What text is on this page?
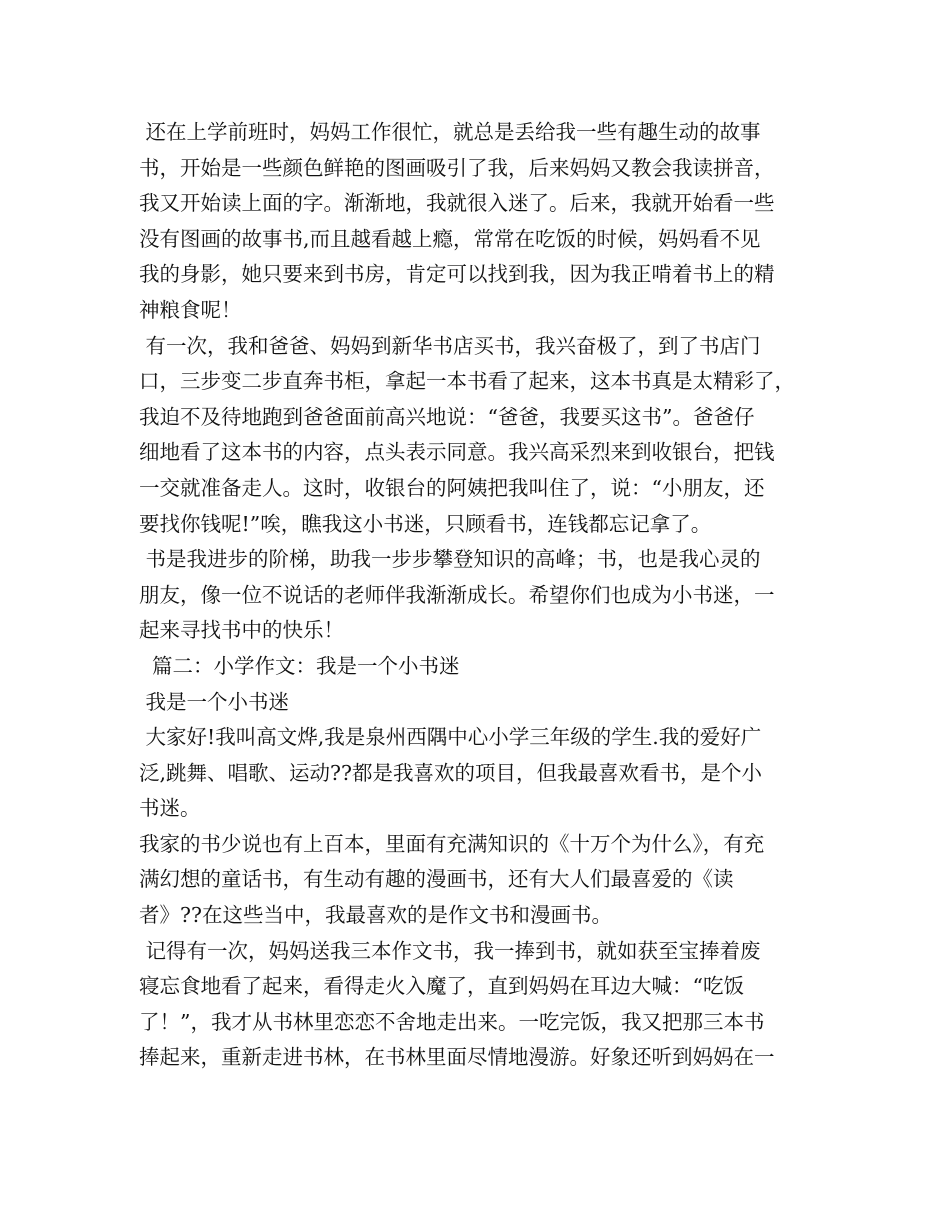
还在上学前班时，妈妈工作很忙，就总是丢给我一些有趣生动的故事
书，开始是一些颜色鲜艳的图画吸引了我，后来妈妈又教会我读拼音，
我又开始读上面的字。渐渐地，我就很入迷了。后来，我就开始看一些
没有图画的故事书,而且越看越上瘾，常常在吃饭的时候，妈妈看不见
我的身影，她只要来到书房，肯定可以找到我，因为我正啃着书上的精
神粮食呢！
有一次，我和爸爸、妈妈到新华书店买书，我兴奋极了，到了书店门
口，三步变二步直奔书柜，拿起一本书看了起来，这本书真是太精彩了，
我迫不及待地跑到爸爸面前高兴地说：“爸爸，我要买这书”。爸爸仔
细地看了这本书的内容，点头表示同意。我兴高采烈来到收银台，把钱
一交就准备走人。这时，收银台的阿姨把我叫住了，说：“小朋友，还
要找你钱呢!”唉，瞧我这小书迷，只顾看书，连钱都忘记拿了。
书是我进步的阶梯，助我一步步攀登知识的高峰；书，也是我心灵的
朋友，像一位不说话的老师伴我渐渐成长。希望你们也成为小书迷，一
起来寻找书中的快乐！
篇二：小学作文：我是一个小书迷
我是一个小书迷
大家好!我叫高文烨,我是泉州西隅中心小学三年级的学生.我的爱好广
泛,跳舞、唱歌、运动??都是我喜欢的项目，但我最喜欢看书，是个小
书迷。
我家的书少说也有上百本，里面有充满知识的《十万个为什么》，有充
满幻想的童话书，有生动有趣的漫画书，还有大人们最喜爱的《读
者》??在这些当中，我最喜欢的是作文书和漫画书。
记得有一次，妈妈送我三本作文书，我一捧到书，就如获至宝捧着废
寝忘食地看了起来，看得走火入魔了，直到妈妈在耳边大喊：“吃饭
了！”，我才从书林里恋恋不舍地走出来。一吃完饭，我又把那三本书
捧起来，重新走进书林，在书林里面尽情地漫游。好象还听到妈妈在一
